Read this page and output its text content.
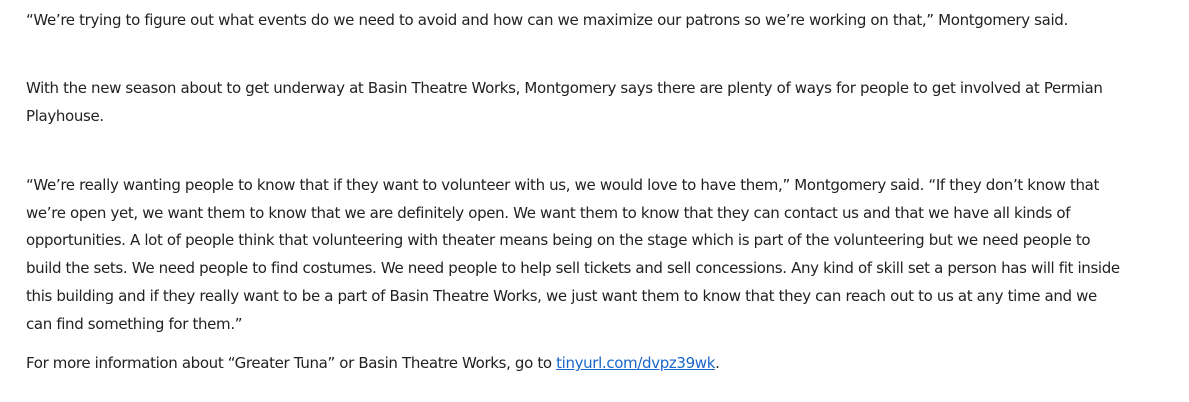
“We’re trying to figure out what events do we need to avoid and how can we maximize our patrons so we’re working on that,” Montgomery said.

With the new season about to get underway at Basin Theatre Works, Montgomery says there are plenty of ways for people to get involved at Permian Playhouse.

“We’re really wanting people to know that if they want to volunteer with us, we would love to have them,” Montgomery said. “If they don’t know that we’re open yet, we want them to know that we are definitely open. We want them to know that they can contact us and that we have all kinds of opportunities. A lot of people think that volunteering with theater means being on the stage which is part of the volunteering but we need people to build the sets. We need people to find costumes. We need people to help sell tickets and sell concessions. Any kind of skill set a person has will fit inside this building and if they really want to be a part of Basin Theatre Works, we just want them to know that they can reach out to us at any time and we can find something for them.”

For more information about “Greater Tuna” or Basin Theatre Works, go to tinyurl.com/dvpz39wk.
